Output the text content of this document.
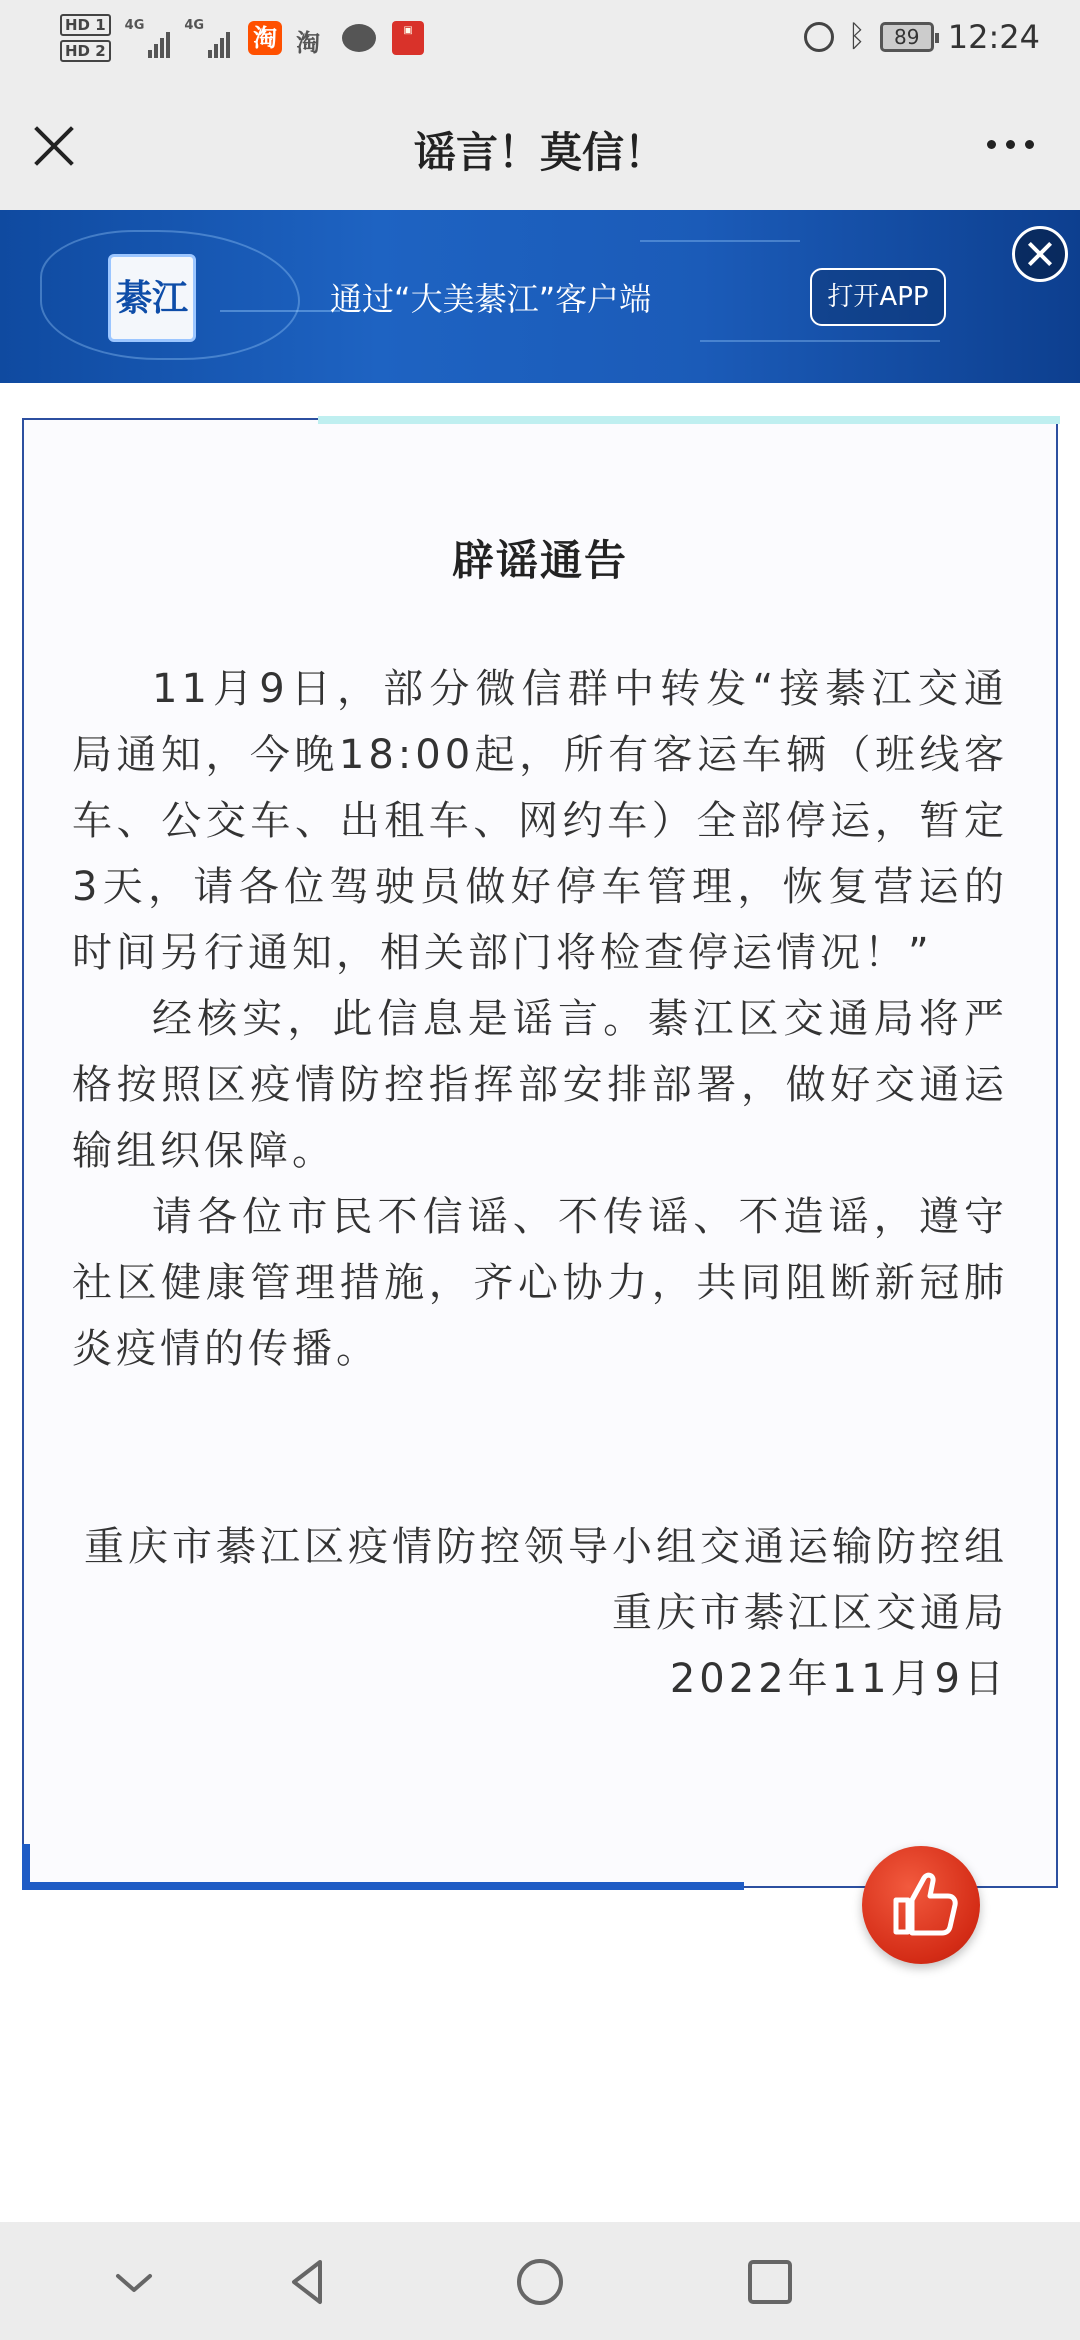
HD 1
HD 2
4G	4G 淘 淘	▣	ᛒ	89 12:24
谣言！莫信！
綦江	通过“大美綦江”客户端	打开APP
辟谣通告

11月9日，部分微信群中转发“接綦江交通局通知，今晚18:00起，所有客运车辆（班线客车、公交车、出租车、网约车）全部停运，暂定3天，请各位驾驶员做好停车管理，恢复营运的时间另行通知，相关部门将检查停运情况！”

经核实，此信息是谣言。綦江区交通局将严格按照区疫情防控指挥部安排部署，做好交通运输组织保障。

请各位市民不信谣、不传谣、不造谣，遵守社区健康管理措施，齐心协力，共同阻断新冠肺炎疫情的传播。

重庆市綦江区疫情防控领导小组交通运输防控组
重庆市綦江区交通局
2022年11月9日
